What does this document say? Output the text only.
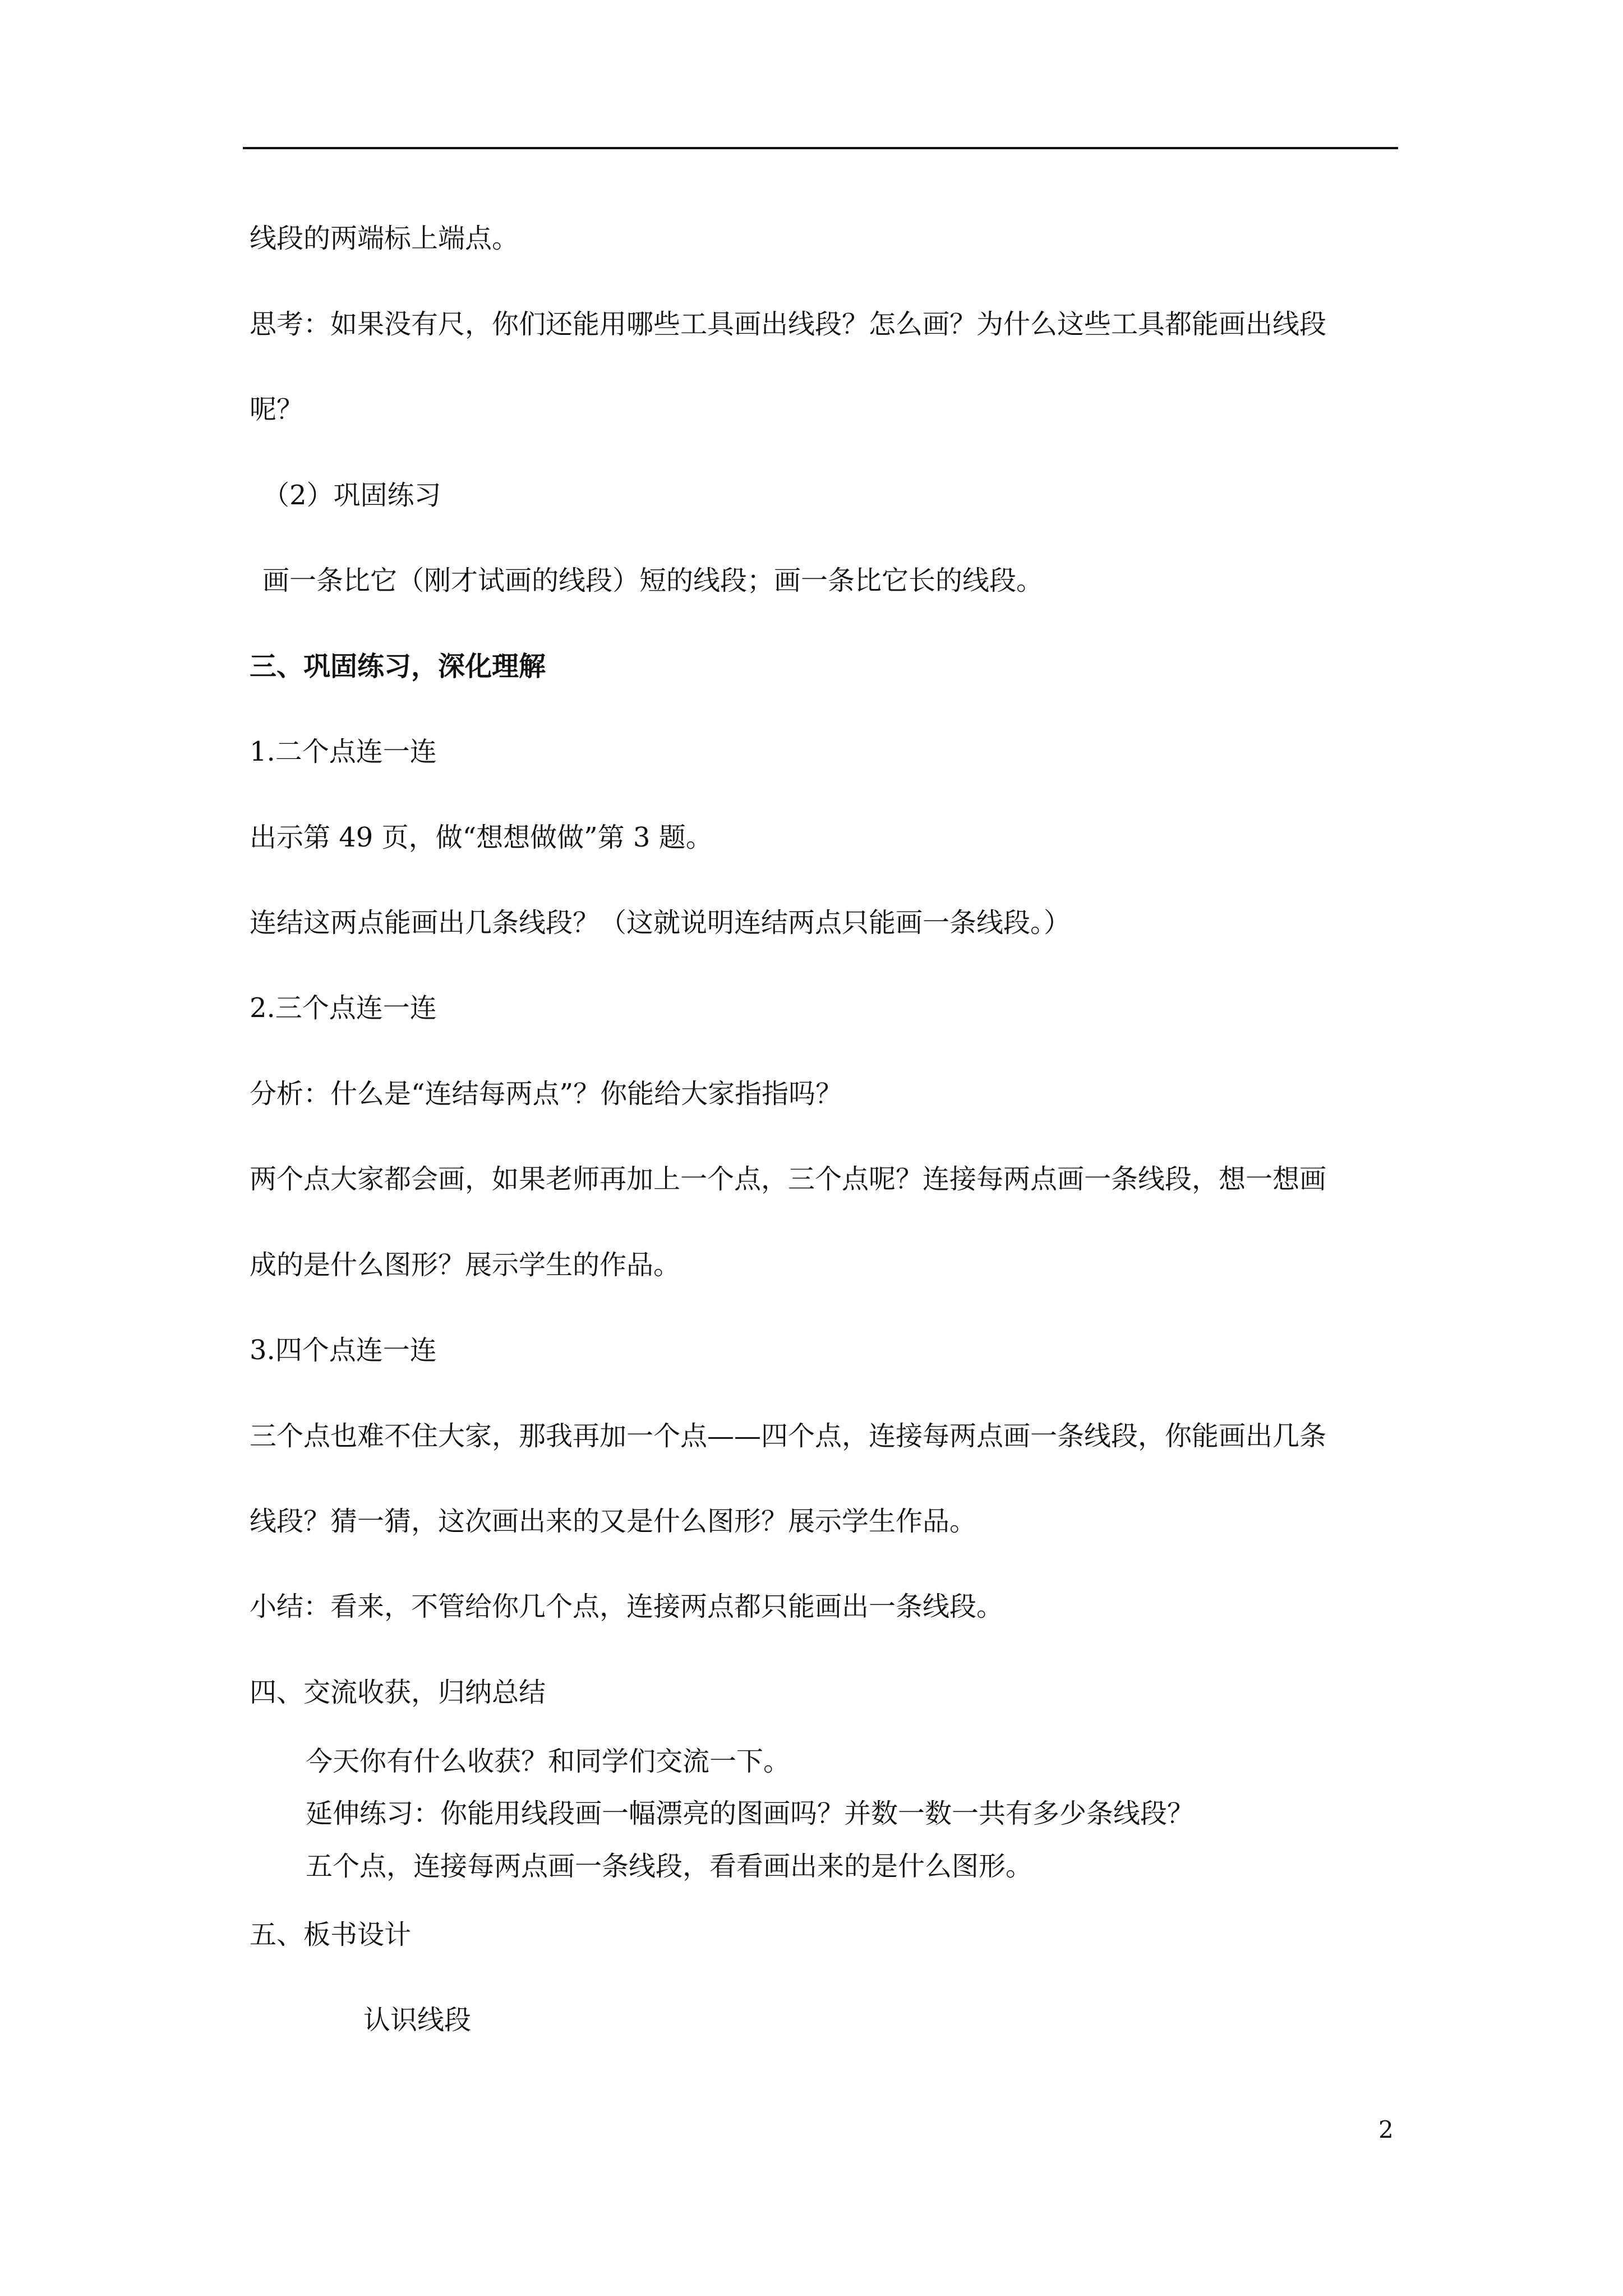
线段的两端标上端点。
思考：如果没有尺，你们还能用哪些工具画出线段？怎么画？为什么这些工具都能画出线段
呢？
（2）巩固练习
画一条比它（刚才试画的线段）短的线段；画一条比它长的线段。
三、巩固练习，深化理解
1.二个点连一连
出示第 49 页，做“想想做做”第 3 题。
连结这两点能画出几条线段？（这就说明连结两点只能画一条线段。）
2.三个点连一连
分析：什么是“连结每两点”？你能给大家指指吗？
两个点大家都会画，如果老师再加上一个点，三个点呢？连接每两点画一条线段，想一想画
成的是什么图形？展示学生的作品。
3.四个点连一连
三个点也难不住大家，那我再加一个点——四个点，连接每两点画一条线段，你能画出几条
线段？猜一猜，这次画出来的又是什么图形？展示学生作品。
小结：看来，不管给你几个点，连接两点都只能画出一条线段。
四、交流收获，归纳总结
今天你有什么收获？和同学们交流一下。
延伸练习：你能用线段画一幅漂亮的图画吗？并数一数一共有多少条线段？
五个点，连接每两点画一条线段，看看画出来的是什么图形。
五、板书设计
认识线段
2
